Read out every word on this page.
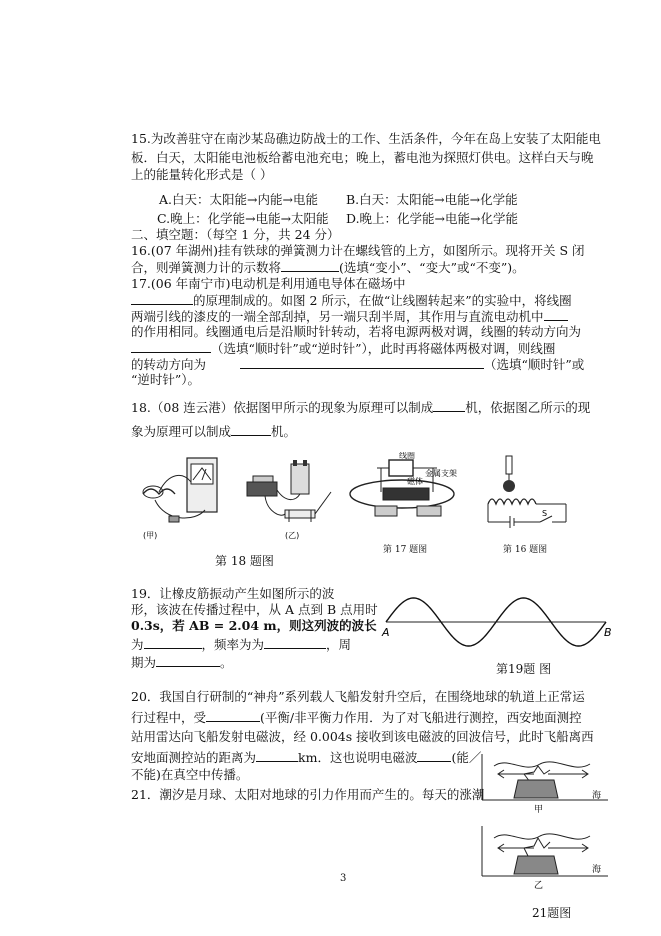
15.为改善驻守在南沙某岛礁边防战士的工作、生活条件，今年在岛上安装了太阳能电
板．白天，太阳能电池板给蓄电池充电；晚上，蓄电池为探照灯供电。这样白天与晚
上的能量转化形式是（ ）
A.白天：太阳能→内能→电能 B.白天：太阳能→电能→化学能
C.晚上：化学能→电能→太阳能 D.晚上：化学能→电能→化学能
二、填空题：（每空 1 分，共 24 分）
16.(07 年湖州)挂有铁球的弹簧测力计在螺线管的上方，如图所示。现将开关 S 闭
合，则弹簧测力计的示数将	(选填“变小”、“变大”或“不变”)。
17.(06 年南宁市)电动机是利用通电导体在磁场中
的原理制成的。如图 2 所示，在做“让线圈转起来”的实验中，将线圈
两端引线的漆皮的一端全部刮掉，另一端只刮半周，其作用与直流电动机中
的作用相同。线圈通电后是沿顺时针转动，若将电源两极对调，线圈的转动方向为
（选填“顺时针”或“逆时针”），此时再将磁体两极对调，则线圈
的转动方向为	（选填“顺时针”或
“逆时针”）。
18.（08 连云港）依据图甲所示的现象为原理可以制成	机，依据图乙所示的现
象为原理可以制成	机。
(甲)	(乙)
线圈
金属支架
磁体
S
第 18 题图
第 17 题图	第 16 题图
19．让橡皮筋振动产生如图所示的波
形，该波在传播过程中，从 A 点到 B 点用时
0.3s，若 AB = 2.04 m，则这列波的波长
为	，频率为为	，周
期为	。
A	B
第19题 图
20．我国自行研制的“神舟”系列载人飞船发射升空后，在围绕地球的轨道上正常运
行过程中，受	(平衡/非平衡力作用．为了对飞船进行测控，西安地面测控
站用雷达向飞船发射电磁波，经 0.004s 接收到该电磁波的回波信号，此时飞船离西
安地面测控站的距离为	km．这也说明电磁波	(能／
不能)在真空中传播。
21．潮汐是月球、太阳对地球的引力作用而产生的。每天的涨潮	海
甲
海
乙
21题图
3
